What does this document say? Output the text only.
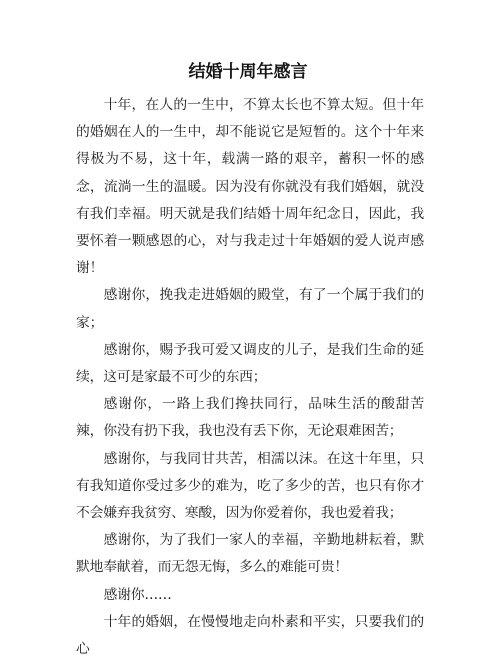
结婚十周年感言

十年，在人的一生中，不算太长也不算太短。但十年的婚姻在人的一生中，却不能说它是短暂的。这个十年来得极为不易，这十年，载满一路的艰辛，蓄积一怀的感念，流淌一生的温暖。因为没有你就没有我们婚姻，就没有我们幸福。明天就是我们结婚十周年纪念日，因此，我要怀着一颗感恩的心，对与我走过十年婚姻的爱人说声感谢！

感谢你，挽我走进婚姻的殿堂，有了一个属于我们的家；

感谢你，赐予我可爱又调皮的儿子，是我们生命的延续，这可是家最不可少的东西；

感谢你，一路上我们搀扶同行，品味生活的酸甜苦辣，你没有扔下我，我也没有丢下你，无论艰难困苦；

感谢你，与我同甘共苦，相濡以沫。在这十年里，只有我知道你受过多少的难为，吃了多少的苦，也只有你才不会嫌弃我贫穷、寒酸，因为你爱着你，我也爱着我；

感谢你，为了我们一家人的幸福，辛勤地耕耘着，默默地奉献着，而无怨无悔，多么的难能可贵！

感谢你……

十年的婚姻，在慢慢地走向朴素和平实，只要我们的心
